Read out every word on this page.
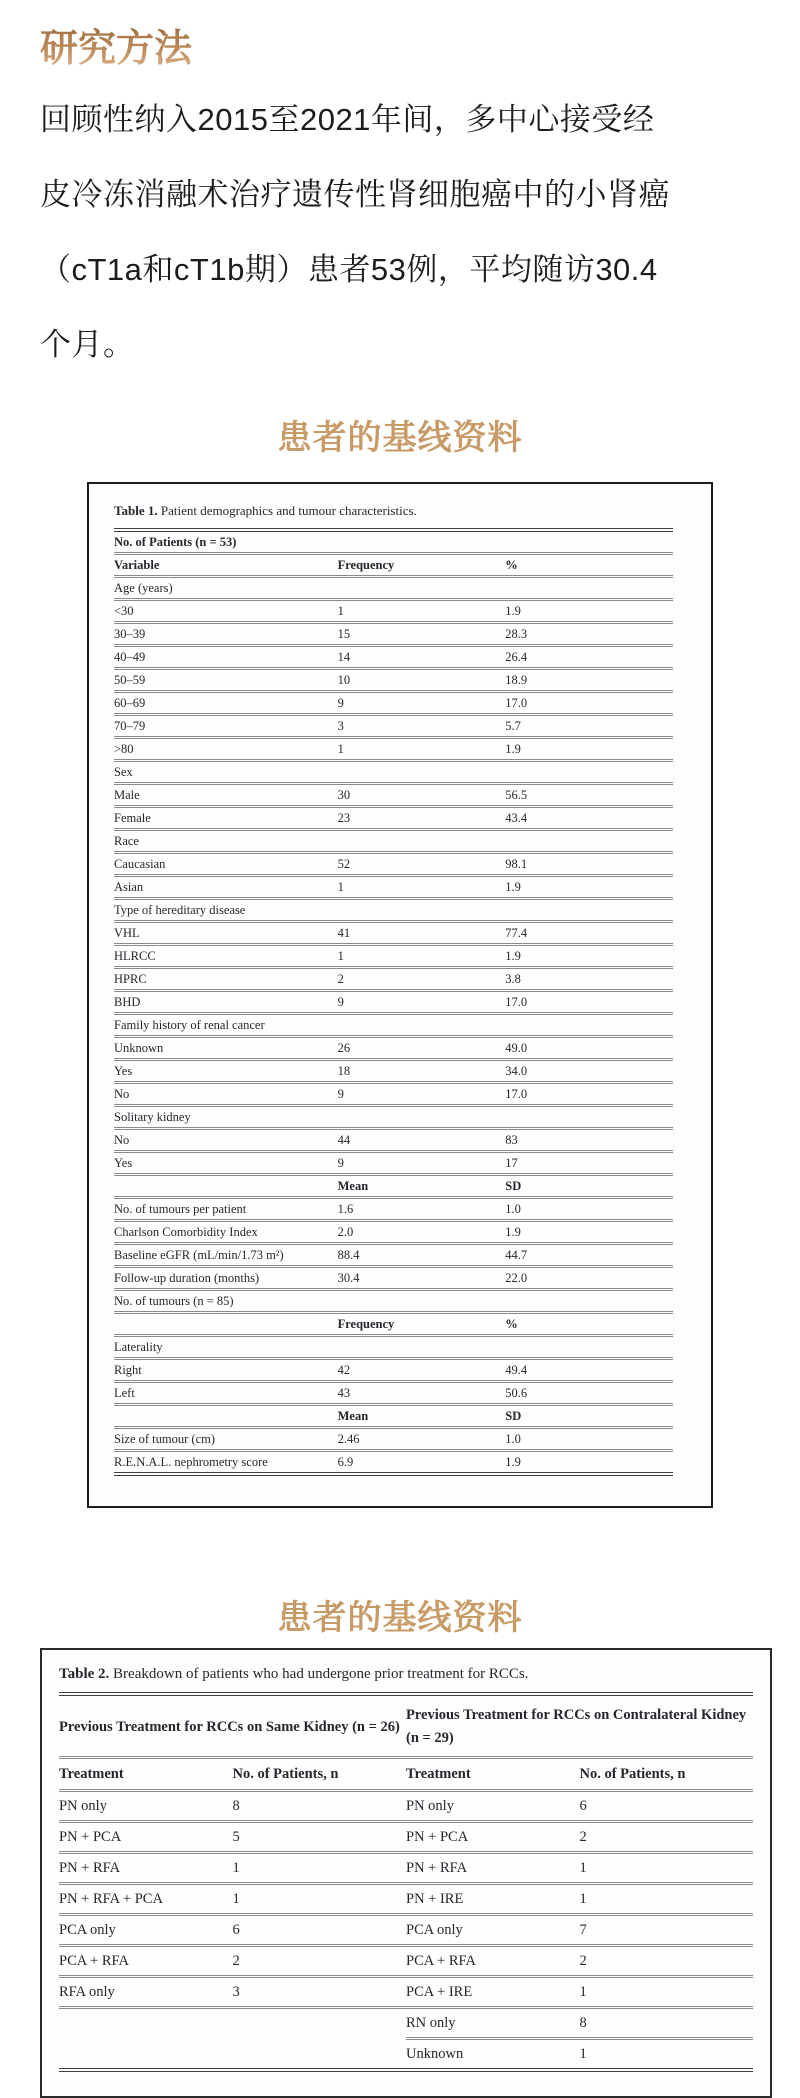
研究方法
回顾性纳入2015至2021年间，多中心接受经
皮冷冻消融术治疗遗传性肾细胞癌中的小肾癌
（cT1a和cT1b期）患者53例，平均随访30.4
个月。
患者的基线资料
Table 1. Patient demographics and tumour characteristics.
No. of Patients (n = 53)		
Variable	Frequency	%
Age (years)		
<30	1	1.9
30–39	15	28.3
40–49	14	26.4
50–59	10	18.9
60–69	9	17.0
70–79	3	5.7
>80	1	1.9
Sex		
Male	30	56.5
Female	23	43.4
Race		
Caucasian	52	98.1
Asian	1	1.9
Type of hereditary disease		
VHL	41	77.4
HLRCC	1	1.9
HPRC	2	3.8
BHD	9	17.0
Family history of renal cancer		
Unknown	26	49.0
Yes	18	34.0
No	9	17.0
Solitary kidney		
No	44	83
Yes	9	17
	Mean	SD
No. of tumours per patient	1.6	1.0
Charlson Comorbidity Index	2.0	1.9
Baseline eGFR (mL/min/1.73 m²)	88.4	44.7
Follow-up duration (months)	30.4	22.0
No. of tumours (n = 85)		
	Frequency	%
Laterality		
Right	42	49.4
Left	43	50.6
	Mean	SD
Size of tumour (cm)	2.46	1.0
R.E.N.A.L. nephrometry score	6.9	1.9
患者的基线资料
Table 2. Breakdown of patients who had undergone prior treatment for RCCs.
Previous Treatment for RCCs on Same Kidney (n = 26)		Previous Treatment for RCCs on Contralateral Kidney (n = 29)	
Treatment	No. of Patients, n	Treatment	No. of Patients, n
PN only	8	PN only	6
PN + PCA	5	PN + PCA	2
PN + RFA	1	PN + RFA	1
PN + RFA + PCA	1	PN + IRE	1
PCA only	6	PCA only	7
PCA + RFA	2	PCA + RFA	2
RFA only	3	PCA + IRE	1
		RN only	8
		Unknown	1
